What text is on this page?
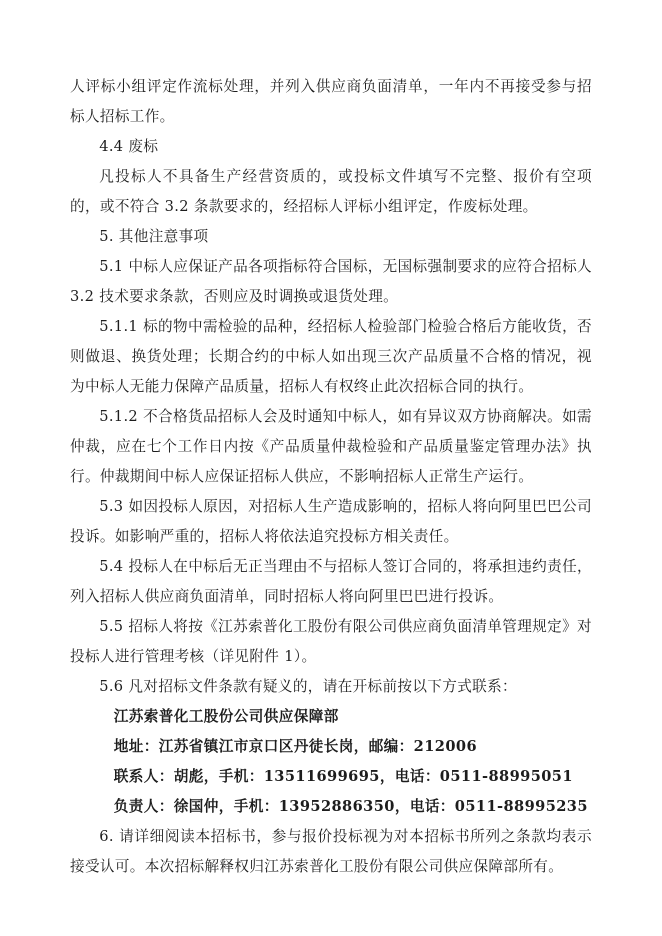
人评标小组评定作流标处理，并列入供应商负面清单，一年内不再接受参与招标人招标工作。

4.4 废标

凡投标人不具备生产经营资质的，或投标文件填写不完整、报价有空项的，或不符合 3.2 条款要求的，经招标人评标小组评定，作废标处理。

5. 其他注意事项

5.1 中标人应保证产品各项指标符合国标，无国标强制要求的应符合招标人 3.2 技术要求条款，否则应及时调换或退货处理。

5.1.1 标的物中需检验的品种，经招标人检验部门检验合格后方能收货，否则做退、换货处理；长期合约的中标人如出现三次产品质量不合格的情况，视为中标人无能力保障产品质量，招标人有权终止此次招标合同的执行。

5.1.2 不合格货品招标人会及时通知中标人，如有异议双方协商解决。如需仲裁，应在七个工作日内按《产品质量仲裁检验和产品质量鉴定管理办法》执行。仲裁期间中标人应保证招标人供应，不影响招标人正常生产运行。

5.3 如因投标人原因，对招标人生产造成影响的，招标人将向阿里巴巴公司投诉。如影响严重的，招标人将依法追究投标方相关责任。

5.4 投标人在中标后无正当理由不与招标人签订合同的，将承担违约责任，列入招标人供应商负面清单，同时招标人将向阿里巴巴进行投诉。

5.5 招标人将按《江苏索普化工股份有限公司供应商负面清单管理规定》对投标人进行管理考核（详见附件 1）。

5.6 凡对招标文件条款有疑义的，请在开标前按以下方式联系：

江苏索普化工股份公司供应保障部

地址：江苏省镇江市京口区丹徒长岗，邮编：212006

联系人：胡彪，手机：13511699695，电话：0511-88995051

负责人：徐国仲，手机：13952886350，电话：0511-88995235

6. 请详细阅读本招标书，参与报价投标视为对本招标书所列之条款均表示接受认可。本次招标解释权归江苏索普化工股份有限公司供应保障部所有。
